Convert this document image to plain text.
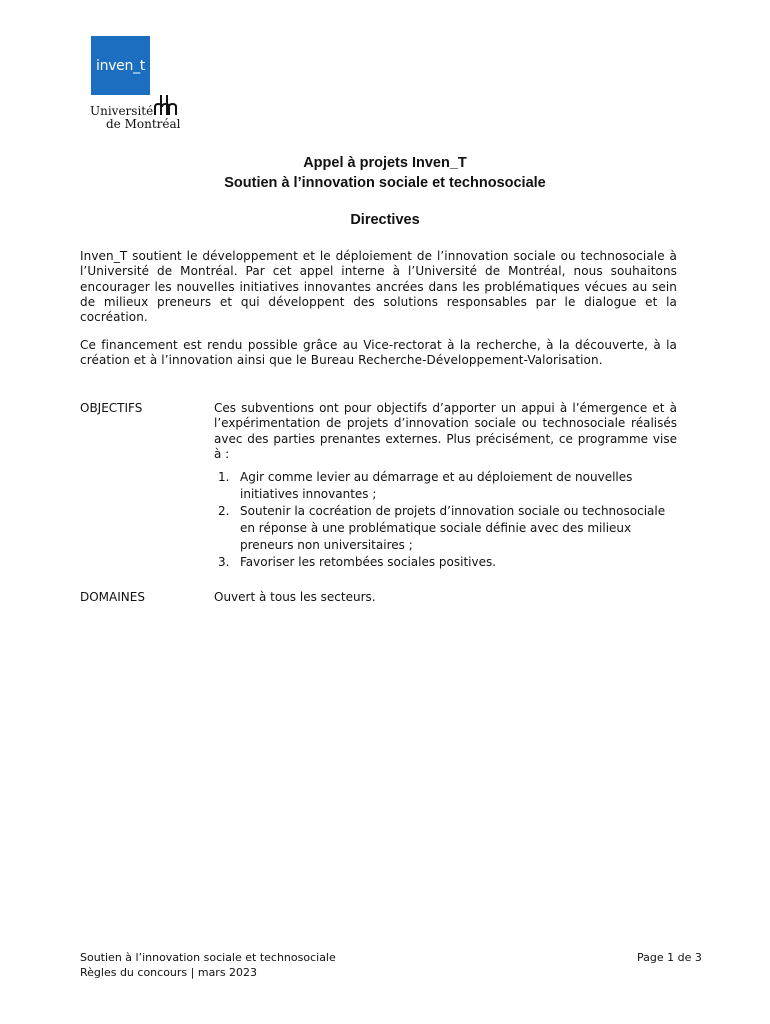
inven_t
Université
de Montréal
Appel à projets Inven_T
Soutien à l’innovation sociale et technosociale
Directives

Inven_T soutient le développement et le déploiement de l’innovation sociale ou technosociale à l’Université de Montréal. Par cet appel interne à l’Université de Montréal, nous souhaitons encourager les nouvelles initiatives innovantes ancrées dans les problématiques vécues au sein de milieux preneurs et qui développent des solutions responsables par le dialogue et la cocréation.

Ce financement est rendu possible grâce au Vice-rectorat à la recherche, à la découverte, à la création et à l’innovation ainsi que le Bureau Recherche-Développement-Valorisation.

OBJECTIFS	Ces subventions ont pour objectifs d’apporter un appui à l’émergence et à l’expérimentation de projets d’innovation sociale ou technosociale réalisés avec des parties prenantes externes. Plus précisément, ce programme vise à :

1. Agir comme levier au démarrage et au déploiement de nouvelles initiatives innovantes ;
2. Soutenir la cocréation de projets d’innovation sociale ou technosociale en réponse à une problématique sociale définie avec des milieux preneurs non universitaires ;
3. Favoriser les retombées sociales positives.
DOMAINES	Ouvert à tous les secteurs.
Soutien à l’innovation sociale et technosociale
Règles du concours | mars 2023
Page 1 de 3
